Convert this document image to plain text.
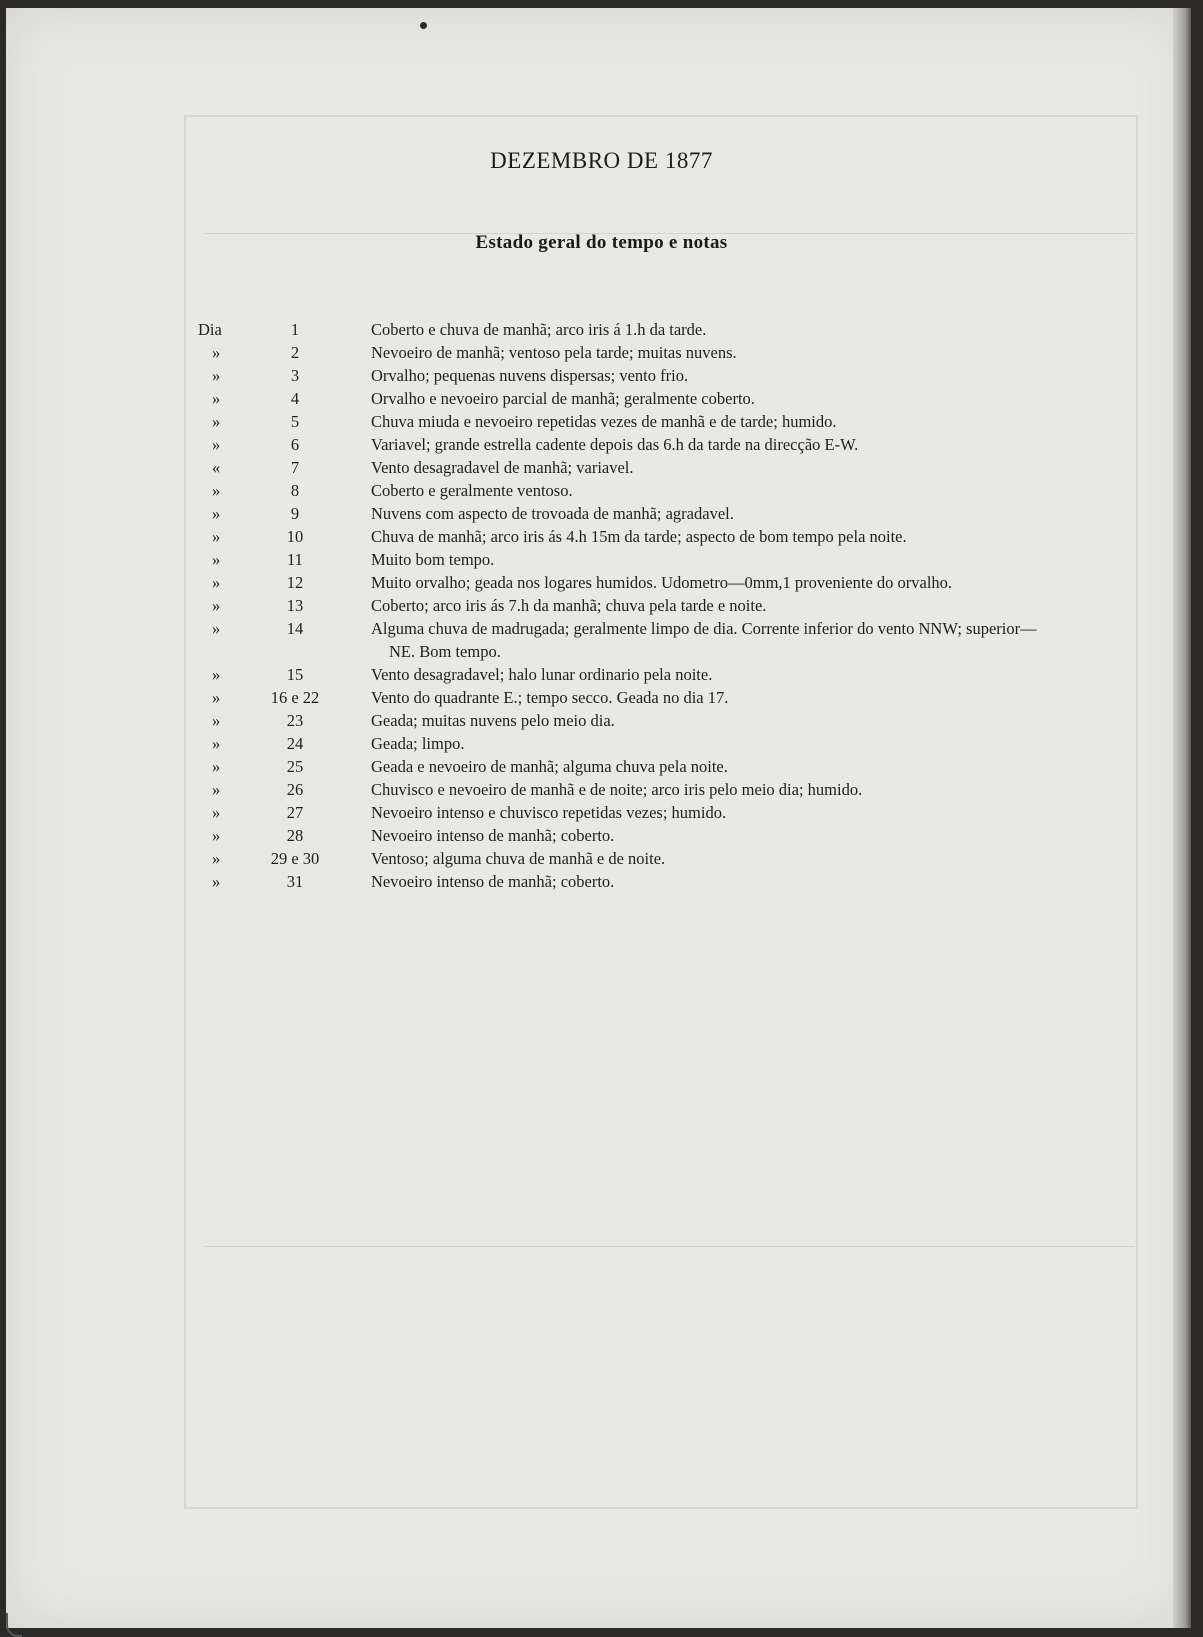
DEZEMBRO DE 1877
Estado geral do tempo e notas
Dia	1	Coberto e chuva de manhã; arco iris á 1.h da tarde.
»	2	Nevoeiro de manhã; ventoso pela tarde; muitas nuvens.
»	3	Orvalho; pequenas nuvens dispersas; vento frio.
»	4	Orvalho e nevoeiro parcial de manhã; geralmente coberto.
»	5	Chuva miuda e nevoeiro repetidas vezes de manhã e de tarde; humido.
»	6	Variavel; grande estrella cadente depois das 6.h da tarde na direcção E-W.
«	7	Vento desagradavel de manhã; variavel.
»	8	Coberto e geralmente ventoso.
»	9	Nuvens com aspecto de trovoada de manhã; agradavel.
»	10	Chuva de manhã; arco iris ás 4.h 15m da tarde; aspecto de bom tempo pela noite.
»	11	Muito bom tempo.
»	12	Muito orvalho; geada nos logares humidos. Udometro—0mm,1 proveniente do orvalho.
»	13	Coberto; arco iris ás 7.h da manhã; chuva pela tarde e noite.
»	14	Alguma chuva de madrugada; geralmente limpo de dia. Corrente inferior do vento NNW; superior—
NE. Bom tempo.
»	15	Vento desagradavel; halo lunar ordinario pela noite.
»	16 e 22	Vento do quadrante E.; tempo secco. Geada no dia 17.
»	23	Geada; muitas nuvens pelo meio dia.
»	24	Geada; limpo.
»	25	Geada e nevoeiro de manhã; alguma chuva pela noite.
»	26	Chuvisco e nevoeiro de manhã e de noite; arco iris pelo meio dia; humido.
»	27	Nevoeiro intenso e chuvisco repetidas vezes; humido.
»	28	Nevoeiro intenso de manhã; coberto.
»	29 e 30	Ventoso; alguma chuva de manhã e de noite.
»	31	Nevoeiro intenso de manhã; coberto.
